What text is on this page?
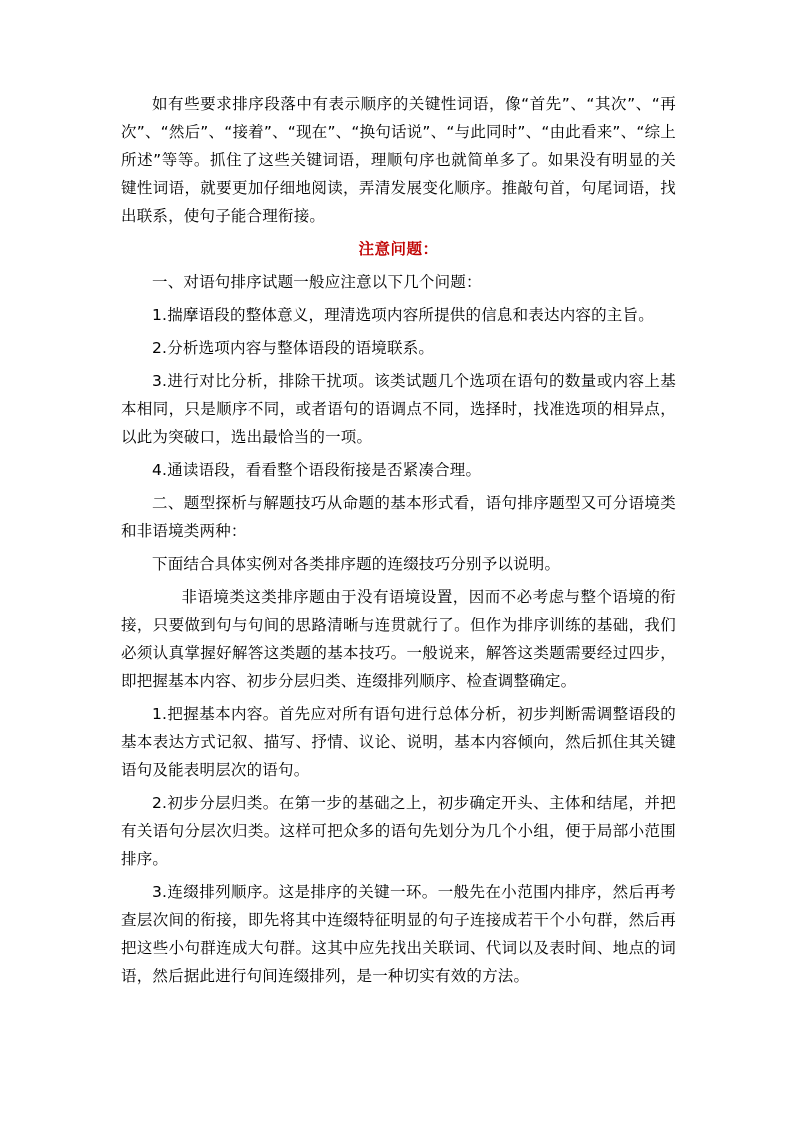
如有些要求排序段落中有表示顺序的关键性词语，像“首先”、“其次”、“再次”、“然后”、“接着”、“现在”、“换句话说”、“与此同时”、“由此看来”、“综上所述”等等。抓住了这些关键词语，理顺句序也就简单多了。如果没有明显的关键性词语，就要更加仔细地阅读，弄清发展变化顺序。推敲句首，句尾词语，找出联系，使句子能合理衔接。

注意问题：

一、对语句排序试题一般应注意以下几个问题：

1.揣摩语段的整体意义，理清选项内容所提供的信息和表达内容的主旨。

2.分析选项内容与整体语段的语境联系。

3.进行对比分析，排除干扰项。该类试题几个选项在语句的数量或内容上基本相同，只是顺序不同，或者语句的语调点不同，选择时，找准选项的相异点，以此为突破口，选出最恰当的一项。

4.通读语段，看看整个语段衔接是否紧凑合理。

二、题型探析与解题技巧从命题的基本形式看，语句排序题型又可分语境类和非语境类两种：

下面结合具体实例对各类排序题的连缀技巧分别予以说明。

非语境类这类排序题由于没有语境设置，因而不必考虑与整个语境的衔接，只要做到句与句间的思路清晰与连贯就行了。但作为排序训练的基础，我们必须认真掌握好解答这类题的基本技巧。一般说来，解答这类题需要经过四步，即把握基本内容、初步分层归类、连缀排列顺序、检查调整确定。

1.把握基本内容。首先应对所有语句进行总体分析，初步判断需调整语段的基本表达方式记叙、描写、抒情、议论、说明，基本内容倾向，然后抓住其关键语句及能表明层次的语句。

2.初步分层归类。在第一步的基础之上，初步确定开头、主体和结尾，并把有关语句分层次归类。这样可把众多的语句先划分为几个小组，便于局部小范围排序。

3.连缀排列顺序。这是排序的关键一环。一般先在小范围内排序，然后再考查层次间的衔接，即先将其中连缀特征明显的句子连接成若干个小句群，然后再把这些小句群连成大句群。这其中应先找出关联词、代词以及表时间、地点的词语，然后据此进行句间连缀排列，是一种切实有效的方法。
